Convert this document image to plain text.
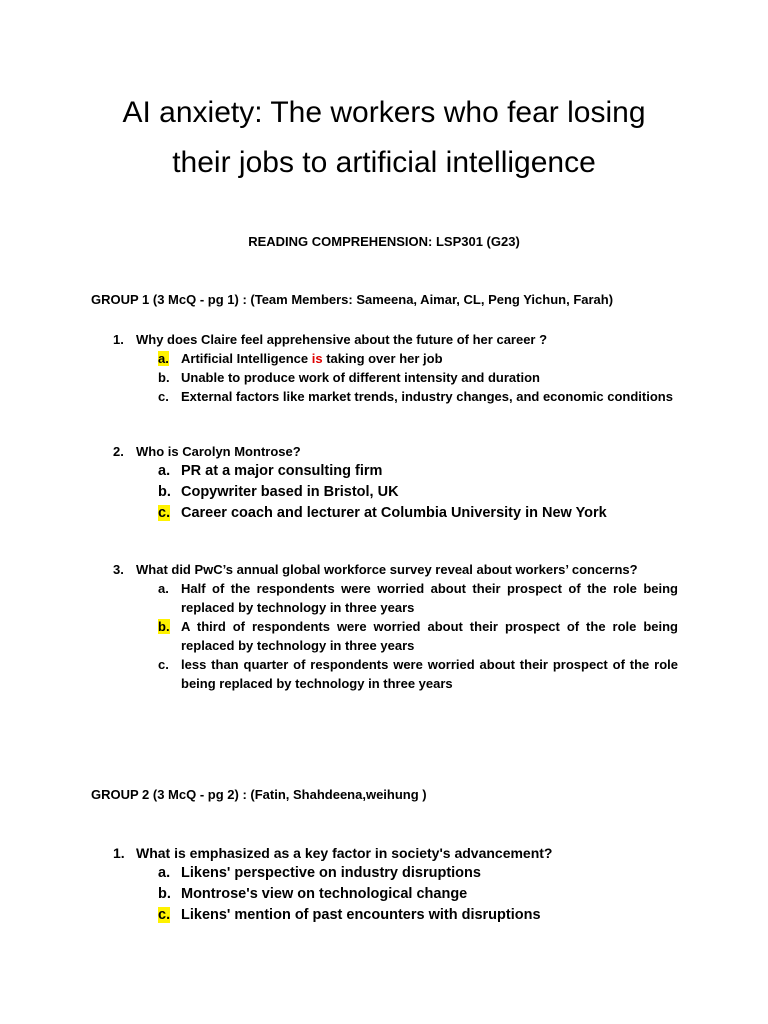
AI anxiety: The workers who fear losing
their jobs to artificial intelligence

READING COMPREHENSION: LSP301 (G23)

GROUP 1 (3 McQ - pg 1) : (Team Members: Sameena, Aimar, CL, Peng Yichun, Farah)

1. Why does Claire feel apprehensive about the future of her career ?
a. Artificial Intelligence is taking over her job
b. Unable to produce work of different intensity and duration
c. External factors like market trends, industry changes, and economic conditions
2. Who is Carolyn Montrose?
a. PR at a major consulting firm
b. Copywriter based in Bristol, UK
c. Career coach and lecturer at Columbia University in New York
3. What did PwC’s annual global workforce survey reveal about workers’ concerns?
a. Half of the respondents were worried about their prospect of the role being replaced by technology in three years
b. A third of respondents were worried about their prospect of the role being replaced by technology in three years
c. less than quarter of respondents were worried about their prospect of the role being replaced by technology in three years

GROUP 2 (3 McQ - pg 2) : (Fatin, Shahdeena,weihung )

1. What is emphasized as a key factor in society's advancement?
a. Likens' perspective on industry disruptions
b. Montrose's view on technological change
c. Likens' mention of past encounters with disruptions
